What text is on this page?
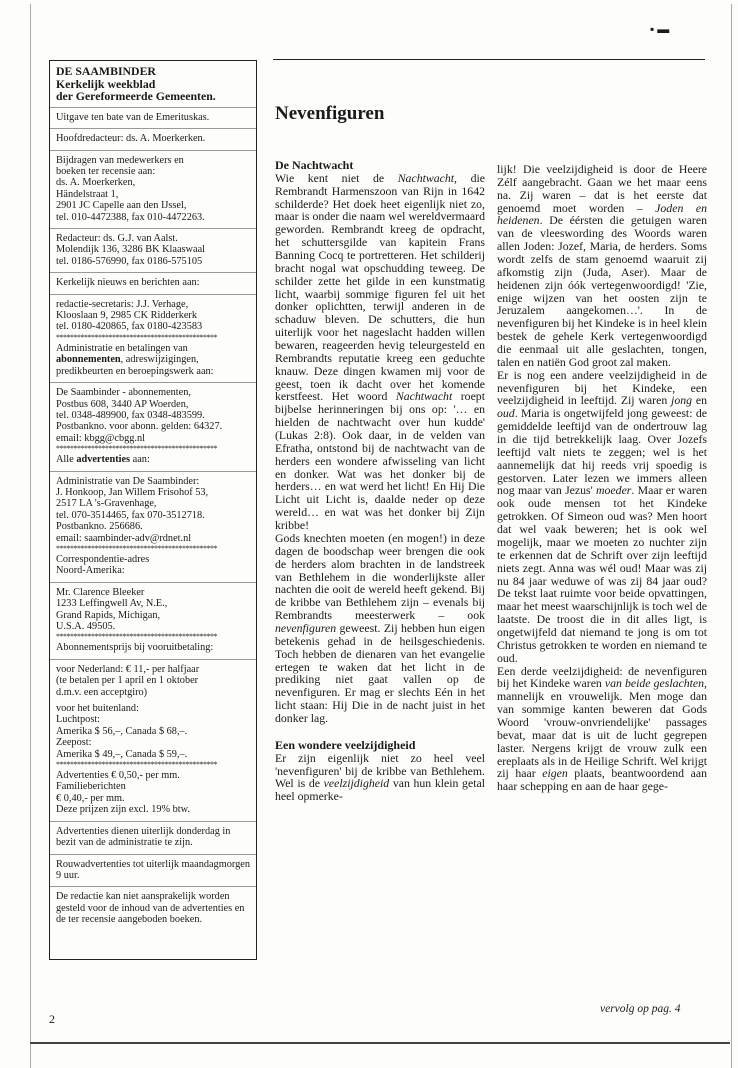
▪ ▬
DE SAAMBINDER
Kerkelijk weekblad
der Gereformeerde Gemeenten.

Uitgave ten bate van de Emerituskas.

Hoofdredacteur: ds. A. Moerkerken.

Bijdragen van medewerkers en
boeken ter recensie aan:
ds. A. Moerkerken,
Händelstraat 1,
2901 JC Capelle aan den IJssel,
tel. 010-4472388, fax 010-4472263.

Redacteur: ds. G.J. van Aalst.
Molendijk 136, 3286 BK Klaaswaal
tel. 0186-576990, fax 0186-575105

Kerkelijk nieuws en berichten aan:

redactie-secretaris: J.J. Verhage,
Klooslaan 9, 2985 CK Ridderkerk
tel. 0180-420865, fax 0180-423583

**********************************************

Administratie en betalingen van abonnementen, adreswijzigingen, predikbeurten en beroepingswerk aan:

De Saambinder - abonnementen,
Postbus 608, 3440 AP Woerden,
tel. 0348-489900, fax 0348-483599.
Postbankno. voor abonn. gelden: 64327.
email: kbgg@cbgg.nl

**********************************************

Alle advertenties aan:

Administratie van De Saambinder:
J. Honkoop, Jan Willem Frisohof 53,
2517 LA 's-Gravenhage,
tel. 070-3514465, fax 070-3512718.
Postbankno. 256686.
email: saambinder-adv@rdnet.nl

**********************************************

Correspondentie-adres
Noord-Amerika:

Mr. Clarence Bleeker
1233 Leffingwell Av, N.E.,
Grand Rapids, Michigan,
U.S.A. 49505.

**********************************************

Abonnementsprijs bij vooruitbetaling:

voor Nederland: € 11,- per halfjaar
(te betalen per 1 april en 1 oktober
d.m.v. een acceptgiro)

voor het buitenland:
Luchtpost:
Amerika $ 56,–, Canada $ 68,–.
Zeepost:
Amerika $ 49,–, Canada $ 59,–.

**********************************************

Advertenties € 0,50,- per mm.
Familieberichten
€ 0,40,- per mm.
Deze prijzen zijn excl. 19% btw.

Advertenties dienen uiterlijk donderdag in bezit van de administratie te zijn.

Rouwadvertenties tot uiterlijk maandagmorgen 9 uur.

De redactie kan niet aansprakelijk worden gesteld voor de inhoud van de advertenties en de ter recensie aangeboden boeken.

Nevenfiguren

De Nachtwacht

Wie kent niet de Nachtwacht, die Rembrandt Harmenszoon van Rijn in 1642 schilderde? Het doek heet eigenlijk niet zo, maar is onder die naam wel wereldvermaard geworden. Rembrandt kreeg de opdracht, het schuttersgilde van kapitein Frans Banning Cocq te portretteren. Het schilderij bracht nogal wat opschudding teweeg. De schilder zette het gilde in een kunstmatig licht, waarbij sommige figuren fel uit het donker oplichtten, terwijl anderen in de schaduw bleven. De schutters, die hun uiterlijk voor het nageslacht hadden willen bewaren, reageerden hevig teleurgesteld en Rembrandts reputatie kreeg een geduchte knauw. Deze dingen kwamen mij voor de geest, toen ik dacht over het komende kerstfeest. Het woord Nachtwacht roept bijbelse herinneringen bij ons op: '… en hielden de nachtwacht over hun kudde' (Lukas 2:8). Ook daar, in de velden van Efratha, ontstond bij de nachtwacht van de herders een wondere afwisseling van licht en donker. Wat was het donker bij de herders… en wat werd het licht! En Hij Die Licht uit Licht is, daalde neder op deze wereld… en wat was het donker bij Zijn kribbe!

Gods knechten moeten (en mogen!) in deze dagen de boodschap weer brengen die ook de herders alom brachten in de landstreek van Bethlehem in die wonderlijkste aller nachten die ooit de wereld heeft gekend. Bij de kribbe van Bethlehem zijn – evenals bij Rembrandts meesterwerk – ook nevenfiguren geweest. Zij hebben hun eigen betekenis gehad in de heilsgeschiedenis. Toch hebben de dienaren van het evangelie ertegen te waken dat het licht in de prediking niet gaat vallen op de nevenfiguren. Er mag er slechts Eén in het licht staan: Hij Die in de nacht juist in het donker lag.

Een wondere veelzijdigheid

Er zijn eigenlijk niet zo heel veel 'nevenfiguren' bij de kribbe van Bethlehem. Wel is de veelzijdigheid van hun klein getal heel opmerke-

lijk! Die veelzijdigheid is door de Heere Zélf aangebracht. Gaan we het maar eens na. Zij waren – dat is het eerste dat genoemd moet worden – Joden en heidenen. De éérsten die getuigen waren van de vleeswording des Woords waren allen Joden: Jozef, Maria, de herders. Soms wordt zelfs de stam genoemd waaruit zij afkomstig zijn (Juda, Aser). Maar de heidenen zijn óók vertegenwoordigd! 'Zie, enige wijzen van het oosten zijn te Jeruzalem aangekomen…'. In de nevenfiguren bij het Kindeke is in heel klein bestek de gehele Kerk vertegenwoordigd die eenmaal uit alle geslachten, tongen, talen en natiën God groot zal maken.

Er is nog een andere veelzijdigheid in de nevenfiguren bij het Kindeke, een veelzijdigheid in leeftijd. Zij waren jong en oud. Maria is ongetwijfeld jong geweest: de gemiddelde leeftijd van de ondertrouw lag in die tijd betrekkelijk laag. Over Jozefs leeftijd valt niets te zeggen; wel is het aannemelijk dat hij reeds vrij spoedig is gestorven. Later lezen we immers alleen nog maar van Jezus' moeder. Maar er waren ook oude mensen tot het Kindeke getrokken. Of Simeon oud was? Men hoort dat wel vaak beweren; het is ook wel mogelijk, maar we moeten zo nuchter zijn te erkennen dat de Schrift over zijn leeftijd niets zegt. Anna was wél oud! Maar was zij nu 84 jaar weduwe of was zij 84 jaar oud? De tekst laat ruimte voor beide opvattingen, maar het meest waarschijnlijk is toch wel de laatste. De troost die in dit alles ligt, is ongetwijfeld dat niemand te jong is om tot Christus getrokken te worden en niemand te oud.

Een derde veelzijdigheid: de nevenfiguren bij het Kindeke waren van beide geslachten, mannelijk en vrouwelijk. Men moge dan van sommige kanten beweren dat Gods Woord 'vrouw-onvriendelijke' passages bevat, maar dat is uit de lucht gegrepen laster. Nergens krijgt de vrouw zulk een ereplaats als in de Heilige Schrift. Wel krijgt zij haar eigen plaats, beantwoordend aan haar schepping en aan de haar gege-

vervolg op pag. 4
2
